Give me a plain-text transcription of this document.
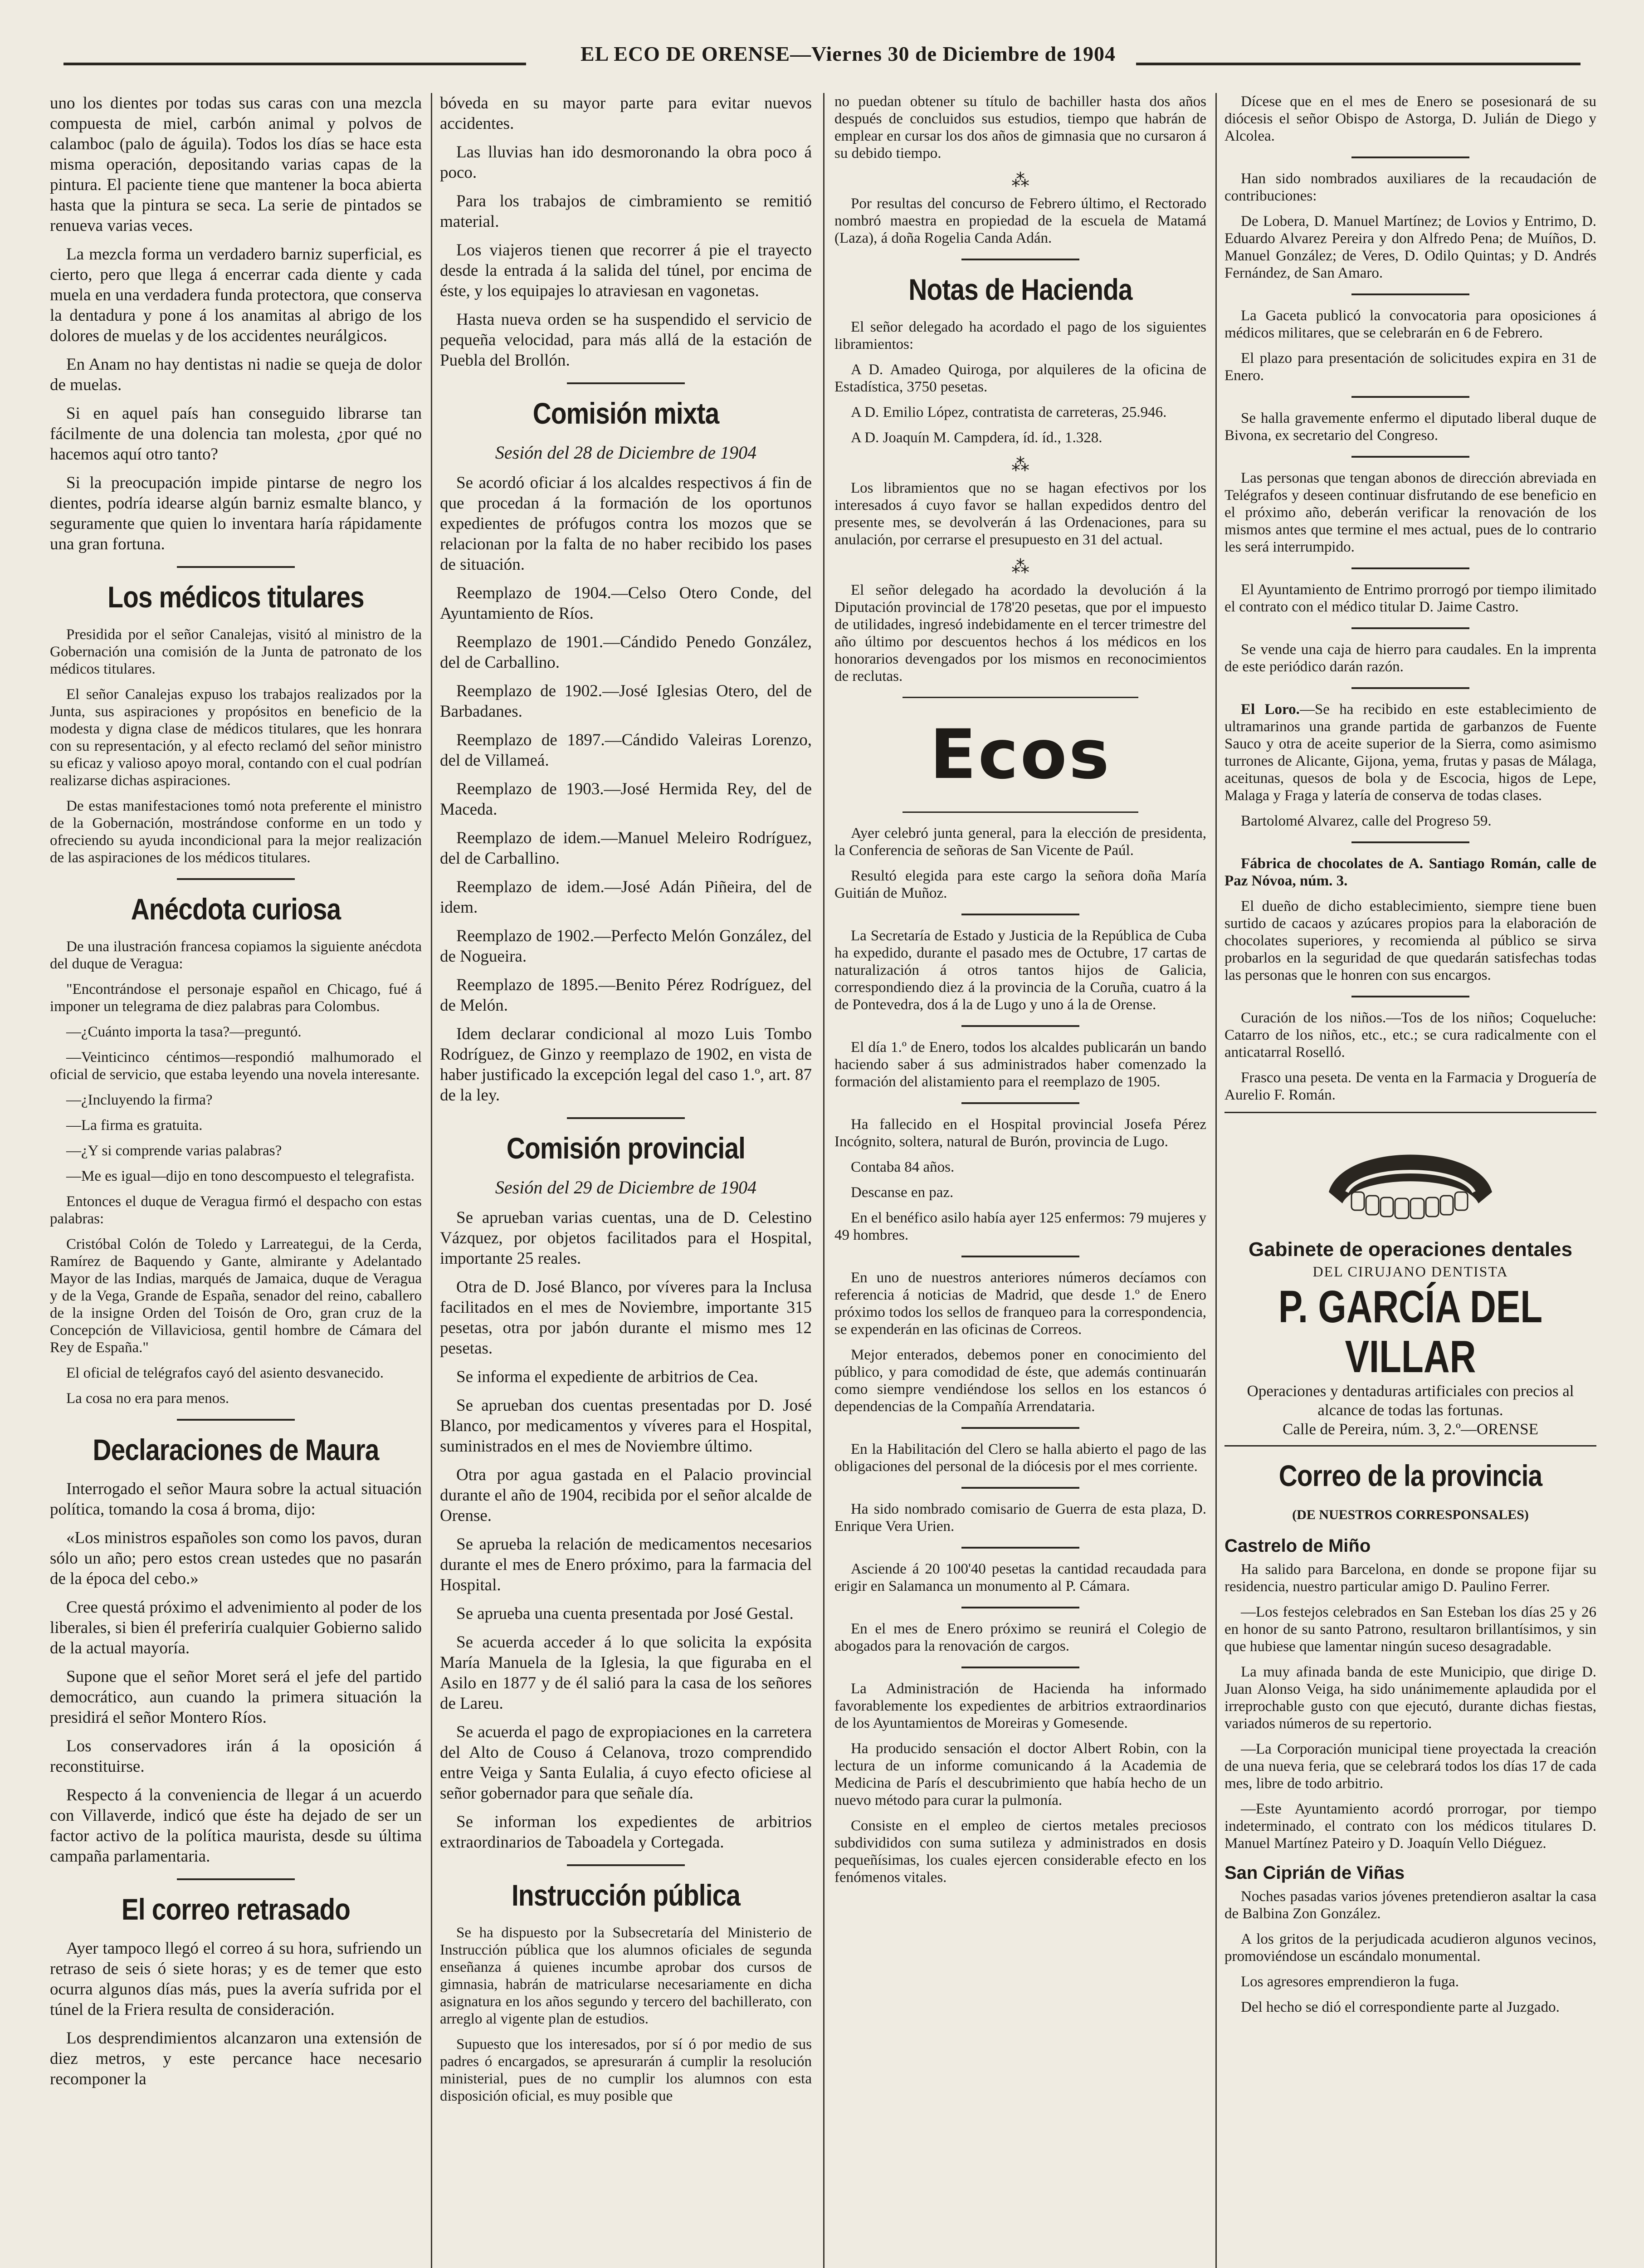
EL ECO DE ORENSE—Viernes 30 de Diciembre de 1904

uno los dientes por todas sus caras con una mezcla compuesta de miel, carbón animal y polvos de calamboc (palo de águila). Todos los días se hace esta misma operación, depositando varias capas de la pintura. El paciente tiene que mantener la boca abierta hasta que la pintura se seca. La serie de pintados se renueva varias veces.

La mezcla forma un verdadero barniz superficial, es cierto, pero que llega á encerrar cada diente y cada muela en una verdadera funda protectora, que conserva la dentadura y pone á los anamitas al abrigo de los dolores de muelas y de los accidentes neurálgicos.

En Anam no hay dentistas ni nadie se queja de dolor de muelas.

Si en aquel país han conseguido librarse tan fácilmente de una dolencia tan molesta, ¿por qué no hacemos aquí otro tanto?

Si la preocupación impide pintarse de negro los dientes, podría idearse algún barniz esmalte blanco, y seguramente que quien lo inventara haría rápidamente una gran fortuna.

Los médicos titulares

Presidida por el señor Canalejas, visitó al ministro de la Gobernación una comisión de la Junta de patronato de los médicos titulares.

El señor Canalejas expuso los trabajos realizados por la Junta, sus aspiraciones y propósitos en beneficio de la modesta y digna clase de médicos titulares, que les honrara con su representación, y al efecto reclamó del señor ministro su eficaz y valioso apoyo moral, contando con el cual podrían realizarse dichas aspiraciones.

De estas manifestaciones tomó nota preferente el ministro de la Gobernación, mostrándose conforme en un todo y ofreciendo su ayuda incondicional para la mejor realización de las aspiraciones de los médicos titulares.

Anécdota curiosa

De una ilustración francesa copiamos la siguiente anécdota del duque de Veragua:

"Encontrándose el personaje español en Chicago, fué á imponer un telegrama de diez palabras para Colombus.

—¿Cuánto importa la tasa?—preguntó.

—Veinticinco céntimos—respondió malhumorado el oficial de servicio, que estaba leyendo una novela interesante.

—¿Incluyendo la firma?

—La firma es gratuita.

—¿Y si comprende varias palabras?

—Me es igual—dijo en tono descompuesto el telegrafista.

Entonces el duque de Veragua firmó el despacho con estas palabras:

Cristóbal Colón de Toledo y Larreategui, de la Cerda, Ramírez de Baquendo y Gante, almirante y Adelantado Mayor de las Indias, marqués de Jamaica, duque de Veragua y de la Vega, Grande de España, senador del reino, caballero de la insigne Orden del Toisón de Oro, gran cruz de la Concepción de Villaviciosa, gentil hombre de Cámara del Rey de España."

El oficial de telégrafos cayó del asiento desvanecido.

La cosa no era para menos.

Declaraciones de Maura

Interrogado el señor Maura sobre la actual situación política, tomando la cosa á broma, dijo:

«Los ministros españoles son como los pavos, duran sólo un año; pero estos crean ustedes que no pasarán de la época del cebo.»

Cree questá próximo el advenimiento al poder de los liberales, si bien él preferiría cualquier Gobierno salido de la actual mayoría.

Supone que el señor Moret será el jefe del partido democrático, aun cuando la primera situación la presidirá el señor Montero Ríos.

Los conservadores irán á la oposición á reconstituirse.

Respecto á la conveniencia de llegar á un acuerdo con Villaverde, indicó que éste ha dejado de ser un factor activo de la política maurista, desde su última campaña parlamentaria.

El correo retrasado

Ayer tampoco llegó el correo á su hora, sufriendo un retraso de seis ó siete horas; y es de temer que esto ocurra algunos días más, pues la avería sufrida por el túnel de la Friera resulta de consideración.

Los desprendimientos alcanzaron una extensión de diez metros, y este percance hace necesario recomponer la

bóveda en su mayor parte para evitar nuevos accidentes.

Las lluvias han ido desmoronando la obra poco á poco.

Para los trabajos de cimbramiento se remitió material.

Los viajeros tienen que recorrer á pie el trayecto desde la entrada á la salida del túnel, por encima de éste, y los equipajes lo atraviesan en vagonetas.

Hasta nueva orden se ha suspendido el servicio de pequeña velocidad, para más allá de la estación de Puebla del Brollón.

Comisión mixta
Sesión del 28 de Diciembre de 1904

Se acordó oficiar á los alcaldes respectivos á fin de que procedan á la formación de los oportunos expedientes de prófugos contra los mozos que se relacionan por la falta de no haber recibido los pases de situación.

Reemplazo de 1904.—Celso Otero Conde, del Ayuntamiento de Ríos.

Reemplazo de 1901.—Cándido Penedo González, del de Carballino.

Reemplazo de 1902.—José Iglesias Otero, del de Barbadanes.

Reemplazo de 1897.—Cándido Valeiras Lorenzo, del de Villameá.

Reemplazo de 1903.—José Hermida Rey, del de Maceda.

Reemplazo de idem.—Manuel Meleiro Rodríguez, del de Carballino.

Reemplazo de idem.—José Adán Piñeira, del de idem.

Reemplazo de 1902.—Perfecto Melón González, del de Nogueira.

Reemplazo de 1895.—Benito Pérez Rodríguez, del de Melón.

Idem declarar condicional al mozo Luis Tombo Rodríguez, de Ginzo y reemplazo de 1902, en vista de haber justificado la excepción legal del caso 1.º, art. 87 de la ley.

Comisión provincial
Sesión del 29 de Diciembre de 1904

Se aprueban varias cuentas, una de D. Celestino Vázquez, por objetos facilitados para el Hospital, importante 25 reales.

Otra de D. José Blanco, por víveres para la Inclusa facilitados en el mes de Noviembre, importante 315 pesetas, otra por jabón durante el mismo mes 12 pesetas.

Se informa el expediente de arbitrios de Cea.

Se aprueban dos cuentas presentadas por D. José Blanco, por medicamentos y víveres para el Hospital, suministrados en el mes de Noviembre último.

Otra por agua gastada en el Palacio provincial durante el año de 1904, recibida por el señor alcalde de Orense.

Se aprueba la relación de medicamentos necesarios durante el mes de Enero próximo, para la farmacia del Hospital.

Se aprueba una cuenta presentada por José Gestal.

Se acuerda acceder á lo que solicita la expósita María Manuela de la Iglesia, la que figuraba en el Asilo en 1877 y de él salió para la casa de los señores de Lareu.

Se acuerda el pago de expropiaciones en la carretera del Alto de Couso á Celanova, trozo comprendido entre Veiga y Santa Eulalia, á cuyo efecto oficiese al señor gobernador para que señale día.

Se informan los expedientes de arbitrios extraordinarios de Taboadela y Cortegada.

Instrucción pública

Se ha dispuesto por la Subsecretaría del Ministerio de Instrucción pública que los alumnos oficiales de segunda enseñanza á quienes incumbe aprobar dos cursos de gimnasia, habrán de matricularse necesariamente en dicha asignatura en los años segundo y tercero del bachillerato, con arreglo al vigente plan de estudios.

Supuesto que los interesados, por sí ó por medio de sus padres ó encargados, se apresurarán á cumplir la resolución ministerial, pues de no cumplir los alumnos con esta disposición oficial, es muy posible que

no puedan obtener su título de bachiller hasta dos años después de concluidos sus estudios, tiempo que habrán de emplear en cursar los dos años de gimnasia que no cursaron á su debido tiempo.

⁂

Por resultas del concurso de Febrero último, el Rectorado nombró maestra en propiedad de la escuela de Matamá (Laza), á doña Rogelia Canda Adán.

Notas de Hacienda

El señor delegado ha acordado el pago de los siguientes libramientos:

A D. Amadeo Quiroga, por alquileres de la oficina de Estadística, 3750 pesetas.

A D. Emilio López, contratista de carreteras, 25.946.

A D. Joaquín M. Campdera, íd. íd., 1.328.

⁂

Los libramientos que no se hagan efectivos por los interesados á cuyo favor se hallan expedidos dentro del presente mes, se devolverán á las Ordenaciones, para su anulación, por cerrarse el presupuesto en 31 del actual.

⁂

El señor delegado ha acordado la devolución á la Diputación provincial de 178'20 pesetas, que por el impuesto de utilidades, ingresó indebidamente en el tercer trimestre del año último por descuentos hechos á los médicos en los honorarios devengados por los mismos en reconocimientos de reclutas.

Ecos

Ayer celebró junta general, para la elección de presidenta, la Conferencia de señoras de San Vicente de Paúl.

Resultó elegida para este cargo la señora doña María Guitián de Muñoz.

La Secretaría de Estado y Justicia de la República de Cuba ha expedido, durante el pasado mes de Octubre, 17 cartas de naturalización á otros tantos hijos de Galicia, correspondiendo diez á la provincia de la Coruña, cuatro á la de Pontevedra, dos á la de Lugo y uno á la de Orense.

El día 1.º de Enero, todos los alcaldes publicarán un bando haciendo saber á sus administrados haber comenzado la formación del alistamiento para el reemplazo de 1905.

Ha fallecido en el Hospital provincial Josefa Pérez Incógnito, soltera, natural de Burón, provincia de Lugo.

Contaba 84 años.

Descanse en paz.

En el benéfico asilo había ayer 125 enfermos: 79 mujeres y 49 hombres.

En uno de nuestros anteriores números decíamos con referencia á noticias de Madrid, que desde 1.º de Enero próximo todos los sellos de franqueo para la correspondencia, se expenderán en las oficinas de Correos.

Mejor enterados, debemos poner en conocimiento del público, y para comodidad de éste, que además continuarán como siempre vendiéndose los sellos en los estancos ó dependencias de la Compañía Arrendataria.

En la Habilitación del Clero se halla abierto el pago de las obligaciones del personal de la diócesis por el mes corriente.

Ha sido nombrado comisario de Guerra de esta plaza, D. Enrique Vera Urien.

Asciende á 20 100'40 pesetas la cantidad recaudada para erigir en Salamanca un monumento al P. Cámara.

En el mes de Enero próximo se reunirá el Colegio de abogados para la renovación de cargos.

La Administración de Hacienda ha informado favorablemente los expedientes de arbitrios extraordinarios de los Ayuntamientos de Moreiras y Gomesende.

Ha producido sensación el doctor Albert Robin, con la lectura de un informe comunicando á la Academia de Medicina de París el descubrimiento que había hecho de un nuevo método para curar la pulmonía.

Consiste en el empleo de ciertos metales preciosos subdivididos con suma sutileza y administrados en dosis pequeñísimas, los cuales ejercen considerable efecto en los fenómenos vitales.

Dícese que en el mes de Enero se posesionará de su diócesis el señor Obispo de Astorga, D. Julián de Diego y Alcolea.

Han sido nombrados auxiliares de la recaudación de contribuciones:

De Lobera, D. Manuel Martínez; de Lovios y Entrimo, D. Eduardo Alvarez Pereira y don Alfredo Pena; de Muíños, D. Manuel González; de Veres, D. Odilo Quintas; y D. Andrés Fernández, de San Amaro.

La Gaceta publicó la convocatoria para oposiciones á médicos militares, que se celebrarán en 6 de Febrero.

El plazo para presentación de solicitudes expira en 31 de Enero.

Se halla gravemente enfermo el diputado liberal duque de Bivona, ex secretario del Congreso.

Las personas que tengan abonos de dirección abreviada en Telégrafos y deseen continuar disfrutando de ese beneficio en el próximo año, deberán verificar la renovación de los mismos antes que termine el mes actual, pues de lo contrario les será interrumpido.

El Ayuntamiento de Entrimo prorrogó por tiempo ilimitado el contrato con el médico titular D. Jaime Castro.

Se vende una caja de hierro para caudales. En la imprenta de este periódico darán razón.

El Loro.—Se ha recibido en este establecimiento de ultramarinos una grande partida de garbanzos de Fuente Sauco y otra de aceite superior de la Sierra, como asimismo turrones de Alicante, Gijona, yema, frutas y pasas de Málaga, aceitunas, quesos de bola y de Escocia, higos de Lepe, Malaga y Fraga y latería de conserva de todas clases.

Bartolomé Alvarez, calle del Progreso 59.

Fábrica de chocolates de A. Santiago Román, calle de Paz Nóvoa, núm. 3.

El dueño de dicho establecimiento, siempre tiene buen surtido de cacaos y azúcares propios para la elaboración de chocolates superiores, y recomienda al público se sirva probarlos en la seguridad de que quedarán satisfechas todas las personas que le honren con sus encargos.

Curación de los niños.—Tos de los niños; Coqueluche: Catarro de los niños, etc., etc.; se cura radicalmente con el anticatarral Roselló.

Frasco una peseta. De venta en la Farmacia y Droguería de Aurelio F. Román.

Gabinete de operaciones dentales
DEL CIRUJANO DENTISTA
P. GARCÍA DEL VILLAR
Operaciones y dentaduras artificiales con precios al alcance de todas las fortunas.
Calle de Pereira, núm. 3, 2.º—ORENSE
Correo de la provincia
(DE NUESTROS CORRESPONSALES)
Castrelo de Miño

Ha salido para Barcelona, en donde se propone fijar su residencia, nuestro particular amigo D. Paulino Ferrer.

—Los festejos celebrados en San Esteban los días 25 y 26 en honor de su santo Patrono, resultaron brillantísimos, y sin que hubiese que lamentar ningún suceso desagradable.

La muy afinada banda de este Municipio, que dirige D. Juan Alonso Veiga, ha sido unánimemente aplaudida por el irreprochable gusto con que ejecutó, durante dichas fiestas, variados números de su repertorio.

—La Corporación municipal tiene proyectada la creación de una nueva feria, que se celebrará todos los días 17 de cada mes, libre de todo arbitrio.

—Este Ayuntamiento acordó prorrogar, por tiempo indeterminado, el contrato con los médicos titulares D. Manuel Martínez Pateiro y D. Joaquín Vello Diéguez.

San Ciprián de Viñas

Noches pasadas varios jóvenes pretendieron asaltar la casa de Balbina Zon González.

A los gritos de la perjudicada acudieron algunos vecinos, promoviéndose un escándalo monumental.

Los agresores emprendieron la fuga.

Del hecho se dió el correspondiente parte al Juzgado.
